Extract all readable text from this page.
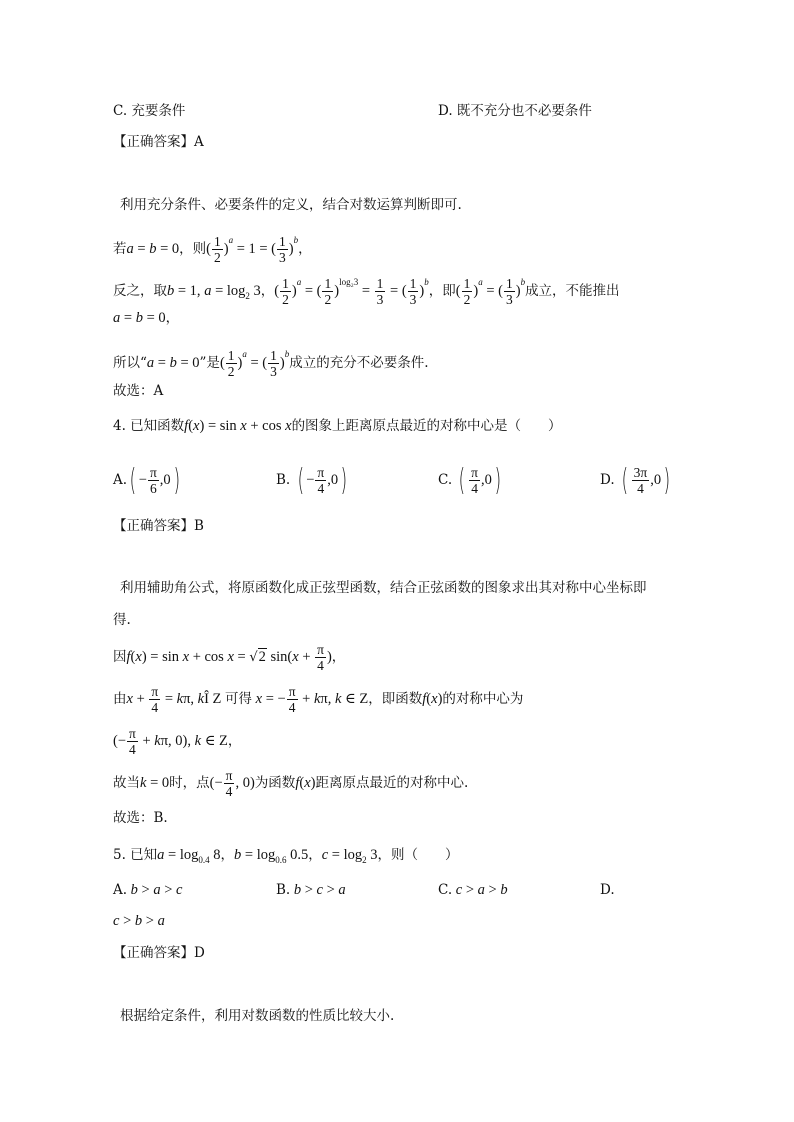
C. 充要条件	D. 既不充分也不必要条件
【正确答案】A
利用充分条件、必要条件的定义，结合对数运算判断即可.
若a = b = 0，则( $\frac{1}{2} )^a = 1$ = ( $\frac{1}{3} )^b$，
反之，取b = 1, $a = \log_2 3$，( $\frac{1}{2} )^a$ = ( $\frac{1}{2} )^{log_23} = \frac{1}{3}$ = ( $\frac{1}{3} )^b$，即( $\frac{1}{2} )^a$ = ( $\frac{1}{3} )^b$成立，不能推出
a = b = 0，
所以“a = b = 0”是( $\frac{1}{2} )^a$ = ( $\frac{1}{3} )^b$成立的充分不必要条件.
故选：A
4. 已知函数f(x) = sin x + cos x的图象上距离原点最近的对称中心是（　　）
$A.( - \frac{\pi}{6} ,0)$	B. ( − $\frac{\pi}{4} ,0$)	C. ( $\frac{\pi}{4} ,0$)	D. ( $\frac{3\pi}{4} ,0$)
【正确答案】B
利用辅助角公式，将原函数化成正弦型函数，结合正弦函数的图象求出其对称中心坐标即
得.
因f(x) = sin x + cos x = √2 $\sin(x + \frac{\pi}{4}$ )，
由$x + \frac{\pi}{4} = k\pi$, kÎ Z 可得 x = − $\frac{\pi}{4} + k\pi$, k ∈ Z，即函数f(x)的对称中心为
(− $\frac{\pi}{4} + k\pi$, 0), k ∈ Z，
故当k = 0时，点(− $\frac{\pi}{4}$ , 0)为函数f(x)距离原点最近的对称中心.
故选：B.
5. 已知$a = \log_{0.4} 8$，$b = \log_{0.6} 0.5$，$c = \log_2 3$，则（　　）
A. b > a > c	B. b > c > a	C. c > a > b	D.
c > b > a
【正确答案】D
根据给定条件，利用对数函数的性质比较大小.
